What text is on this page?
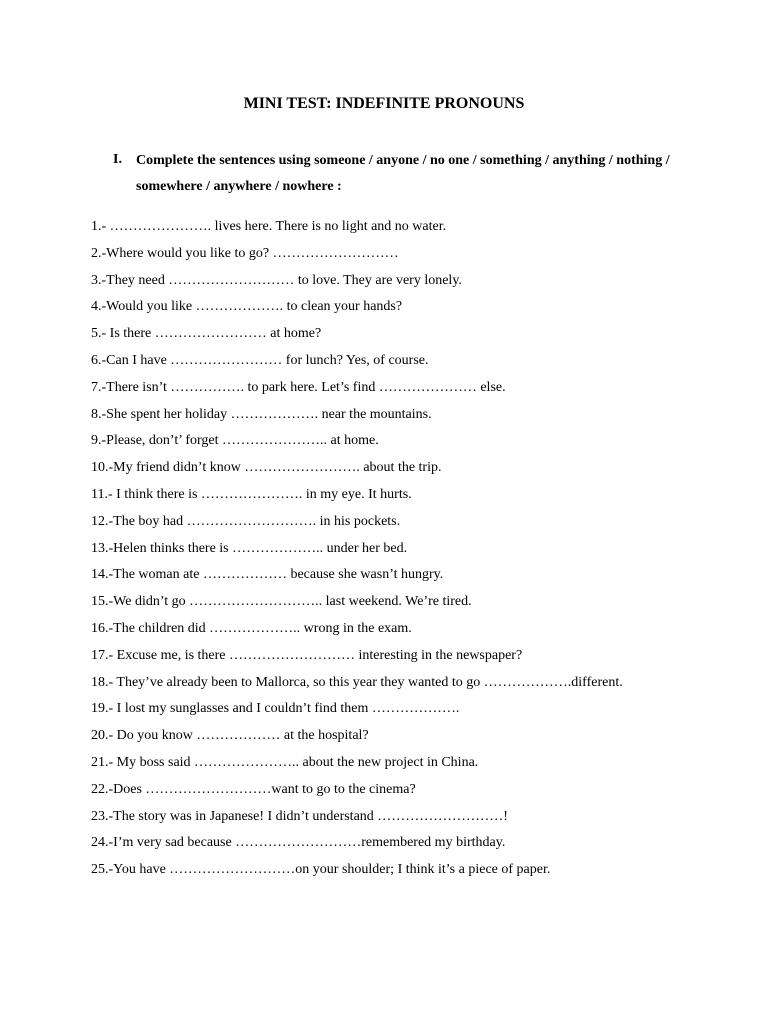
MINI TEST: INDEFINITE PRONOUNS
I. Complete the sentences using someone / anyone / no one / something / anything / nothing / somewhere / anywhere / nowhere :
1.- …………………. lives here. There is no light and no water.
2.-Where would you like to go? ………………………
3.-They need ……………………… to love. They are very lonely.
4.-Would you like ………………. to clean your hands?
5.- Is there …………………… at home?
6.-Can I have …………………… for lunch? Yes, of course.
7.-There isn’t ……………. to park here. Let’s find ………………… else.
8.-She spent her holiday ………………. near the mountains.
9.-Please, don’t’ forget ………………….. at home.
10.-My friend didn’t know ……………………. about the trip.
11.- I think there is …………………. in my eye. It hurts.
12.-The boy had ………………………. in his pockets.
13.-Helen thinks there is ……………….. under her bed.
14.-The woman ate ……………… because she wasn’t hungry.
15.-We didn’t go ……………………….. last weekend. We’re tired.
16.-The children did ……………….. wrong in the exam.
17.- Excuse me, is there ……………………… interesting in the newspaper?
18.- They’ve already been to Mallorca, so this year they wanted to go ……………….different.
19.- I lost my sunglasses and I couldn’t find them ……………….
20.- Do you know ……………… at the hospital?
21.- My boss said ………………….. about the new project in China.
22.-Does ………………………want to go to the cinema?
23.-The story was in Japanese! I didn’t understand ………………………!
24.-I’m very sad because ………………………remembered my birthday.
25.-You have ………………………on your shoulder; I think it’s a piece of paper.
